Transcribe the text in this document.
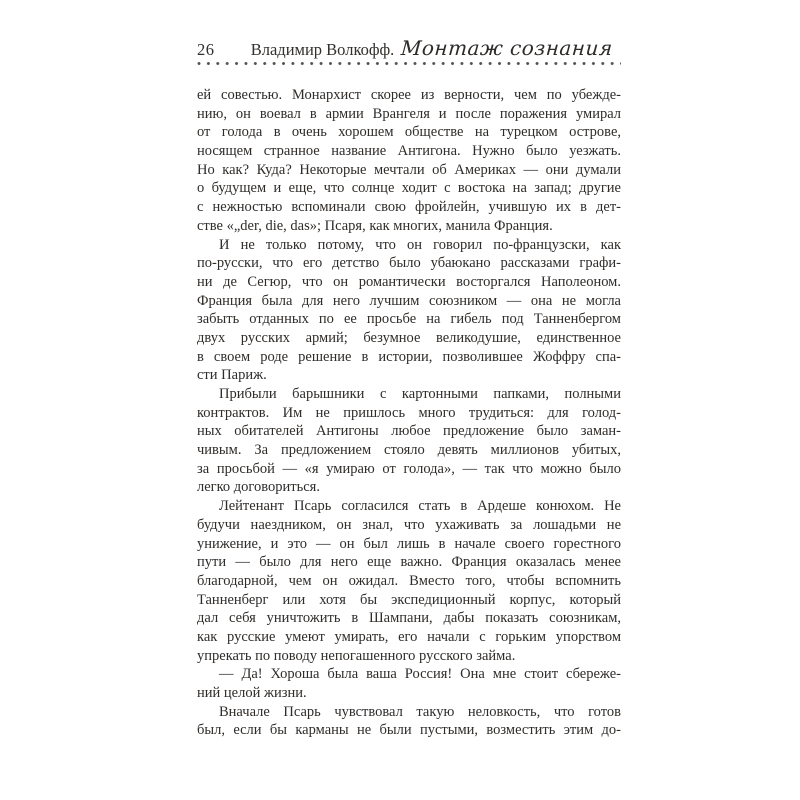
26 Владимир Волкофф. Монтаж сознания
ей совестью. Монархист скорее из верности, чем по убежде-
нию, он воевал в армии Врангеля и после поражения умирал
от голода в очень хорошем обществе на турецком острове,
носящем странное название Антигона. Нужно было уезжать.
Но как? Куда? Некоторые мечтали об Америках — они думали
о будущем и еще, что солнце ходит с востока на запад; другие
с нежностью вспоминали свою фройлейн, учившую их в дет-
стве «„der, die, das»; Псаря, как многих, манила Франция.
И не только потому, что он говорил по-французски, как
по-русски, что его детство было убаюкано рассказами графи-
ни де Сегюр, что он романтически восторгался Наполеоном.
Франция была для него лучшим союзником — она не могла
забыть отданных по ее просьбе на гибель под Танненбергом
двух русских армий; безумное великодушие, единственное
в своем роде решение в истории, позволившее Жоффру спа-
сти Париж.
Прибыли барышники с картонными папками, полными
контрактов. Им не пришлось много трудиться: для голод-
ных обитателей Антигоны любое предложение было заман-
чивым. За предложением стояло девять миллионов убитых,
за просьбой — «я умираю от голода», — так что можно было
легко договориться.
Лейтенант Псарь согласился стать в Ардеше конюхом. Не
будучи наездником, он знал, что ухаживать за лошадьми не
унижение, и это — он был лишь в начале своего горестного
пути — было для него еще важно. Франция оказалась менее
благодарной, чем он ожидал. Вместо того, чтобы вспомнить
Танненберг или хотя бы экспедиционный корпус, который
дал себя уничтожить в Шампани, дабы показать союзникам,
как русские умеют умирать, его начали с горьким упорством
упрекать по поводу непогашенного русского займа.
— Да! Хороша была ваша Россия! Она мне стоит сбереже-
ний целой жизни.
Вначале Псарь чувствовал такую неловкость, что готов
был, если бы карманы не были пустыми, возместить этим до-
